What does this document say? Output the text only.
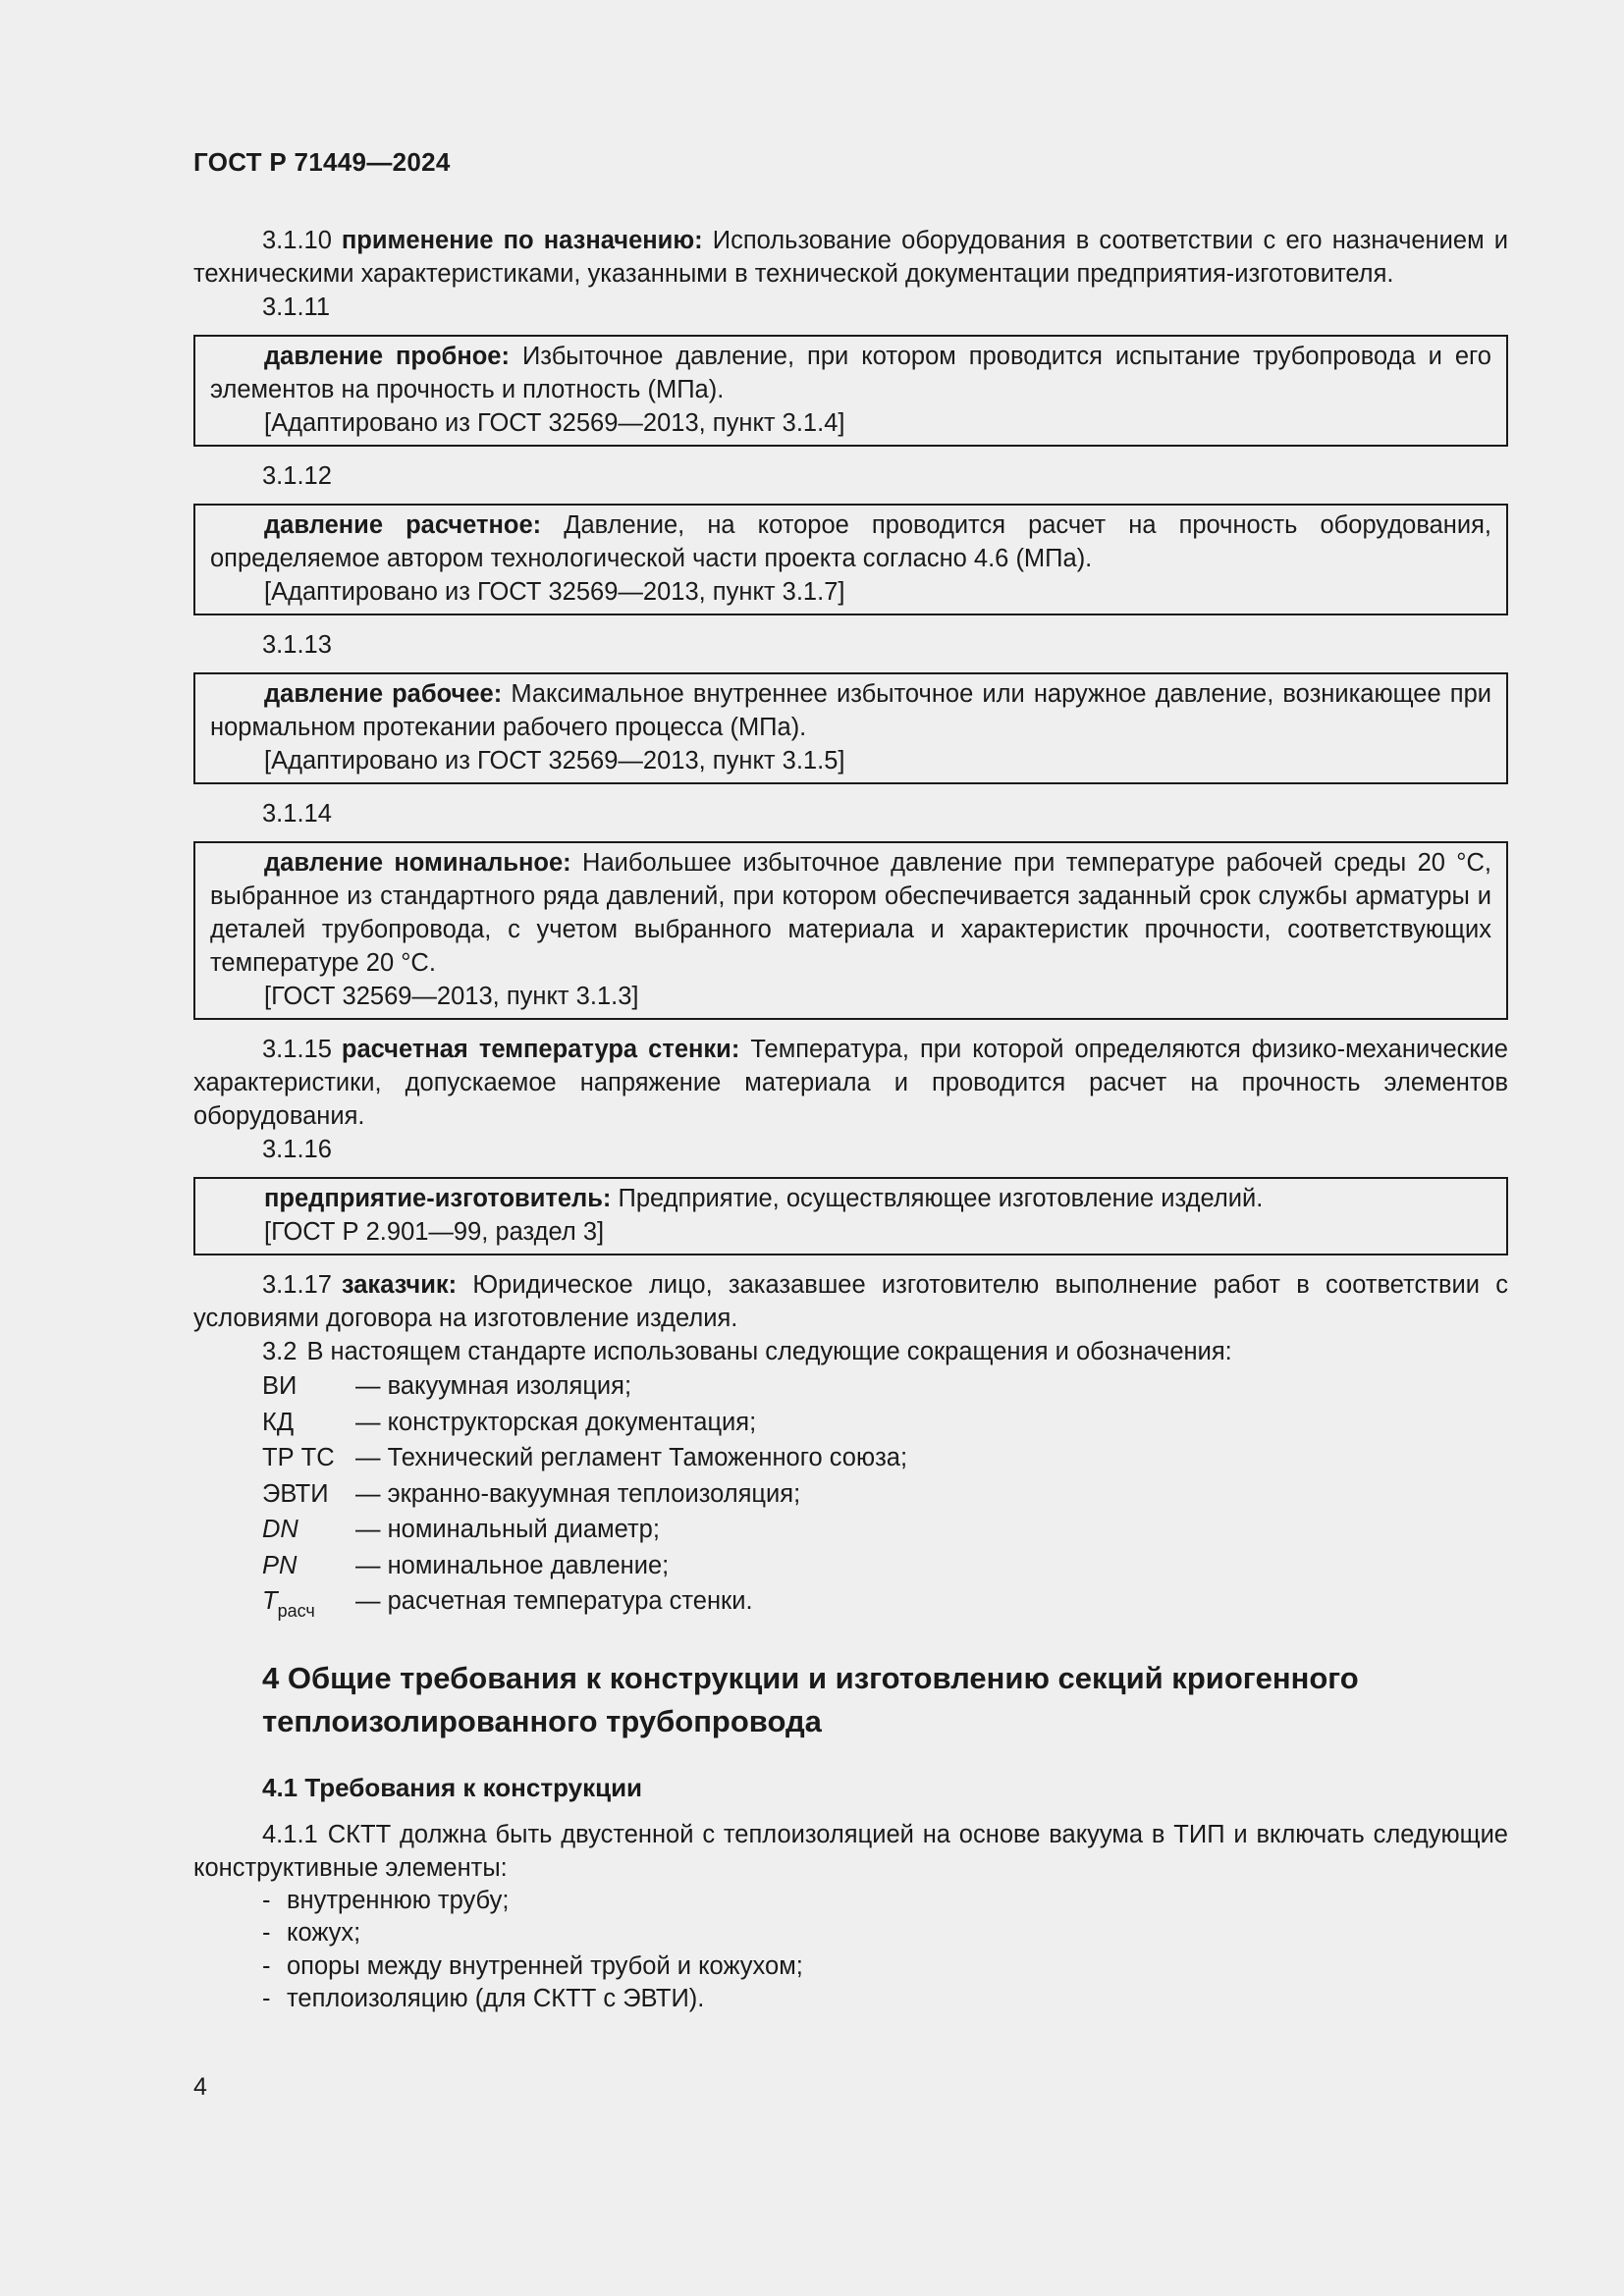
ГОСТ Р 71449—2024

3.1.10 применение по назначению: Использование оборудования в соответствии с его назначением и техническими характеристиками, указанными в технической документации предприятия-изготовителя.

3.1.11

давление пробное: Избыточное давление, при котором проводится испытание трубопровода и его элементов на прочность и плотность (МПа).

[Адаптировано из ГОСТ 32569—2013, пункт 3.1.4]

3.1.12

давление расчетное: Давление, на которое проводится расчет на прочность оборудования, определяемое автором технологической части проекта согласно 4.6 (МПа).

[Адаптировано из ГОСТ 32569—2013, пункт 3.1.7]

3.1.13

давление рабочее: Максимальное внутреннее избыточное или наружное давление, возникающее при нормальном протекании рабочего процесса (МПа).

[Адаптировано из ГОСТ 32569—2013, пункт 3.1.5]

3.1.14

давление номинальное: Наибольшее избыточное давление при температуре рабочей среды 20 °С, выбранное из стандартного ряда давлений, при котором обеспечивается заданный срок службы арматуры и деталей трубопровода, с учетом выбранного материала и характеристик прочности, соответствующих температуре 20 °С.

[ГОСТ 32569—2013, пункт 3.1.3]

3.1.15 расчетная температура стенки: Температура, при которой определяются физико-механические характеристики, допускаемое напряжение материала и проводится расчет на прочность элементов оборудования.

3.1.16

предприятие-изготовитель: Предприятие, осуществляющее изготовление изделий.

[ГОСТ Р 2.901—99, раздел 3]

3.1.17 заказчик: Юридическое лицо, заказавшее изготовителю выполнение работ в соответствии с условиями договора на изготовление изделия.

3.2 В настоящем стандарте использованы следующие сокращения и обозначения:

ВИ	— вакуумная изоляция;
КД	— конструкторская документация;
ТР ТС — Технический регламент Таможенного союза;
ЭВТИ	— экранно-вакуумная теплоизоляция;
DN	— номинальный диаметр;
PN	— номинальное давление;
$T_{расч}$	— расчетная температура стенки.
4 Общие требования к конструкции и изготовлению секций криогенного теплоизолированного трубопровода
4.1 Требования к конструкции

4.1.1 СКТТ должна быть двустенной с теплоизоляцией на основе вакуума в ТИП и включать следующие конструктивные элементы:

- внутреннюю трубу;
- кожух;
- опоры между внутренней трубой и кожухом;
- теплоизоляцию (для СКТТ с ЭВТИ).
4
